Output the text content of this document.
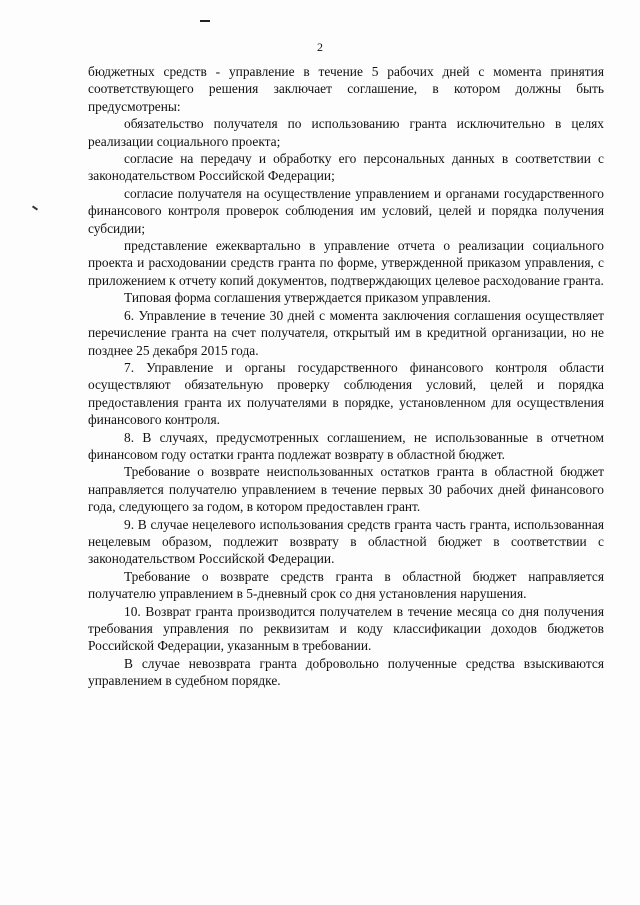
2

бюджетных средств - управление в течение 5 рабочих дней с момента принятия соответствующего решения заключает соглашение, в котором должны быть предусмотрены:

обязательство получателя по использованию гранта исключительно в целях реализации социального проекта;

согласие на передачу и обработку его персональных данных в соответствии с законодательством Российской Федерации;

согласие получателя на осуществление управлением и органами государственного финансового контроля проверок соблюдения им условий, целей и порядка получения субсидии;

представление ежеквартально в управление отчета о реализации социального проекта и расходовании средств гранта по форме, утвержденной приказом управления, с приложением к отчету копий документов, подтверждающих целевое расходование гранта.

Типовая форма соглашения утверждается приказом управления.

6. Управление в течение 30 дней с момента заключения соглашения осуществляет перечисление гранта на счет получателя, открытый им в кредитной организации, но не позднее 25 декабря 2015 года.

7. Управление и органы государственного финансового контроля области осуществляют обязательную проверку соблюдения условий, целей и порядка предоставления гранта их получателями в порядке, установленном для осуществления финансового контроля.

8. В случаях, предусмотренных соглашением, не использованные в отчетном финансовом году остатки гранта подлежат возврату в областной бюджет.

Требование о возврате неиспользованных остатков гранта в областной бюджет направляется получателю управлением в течение первых 30 рабочих дней финансового года, следующего за годом, в котором предоставлен грант.

9. В случае нецелевого использования средств гранта часть гранта, использованная нецелевым образом, подлежит возврату в областной бюджет в соответствии с законодательством Российской Федерации.

Требование о возврате средств гранта в областной бюджет направляется получателю управлением в 5-дневный срок со дня установления нарушения.

10. Возврат гранта производится получателем в течение месяца со дня получения требования управления по реквизитам и коду классификации доходов бюджетов Российской Федерации, указанным в требовании.

В случае невозврата гранта добровольно полученные средства взыскиваются управлением в судебном порядке.
